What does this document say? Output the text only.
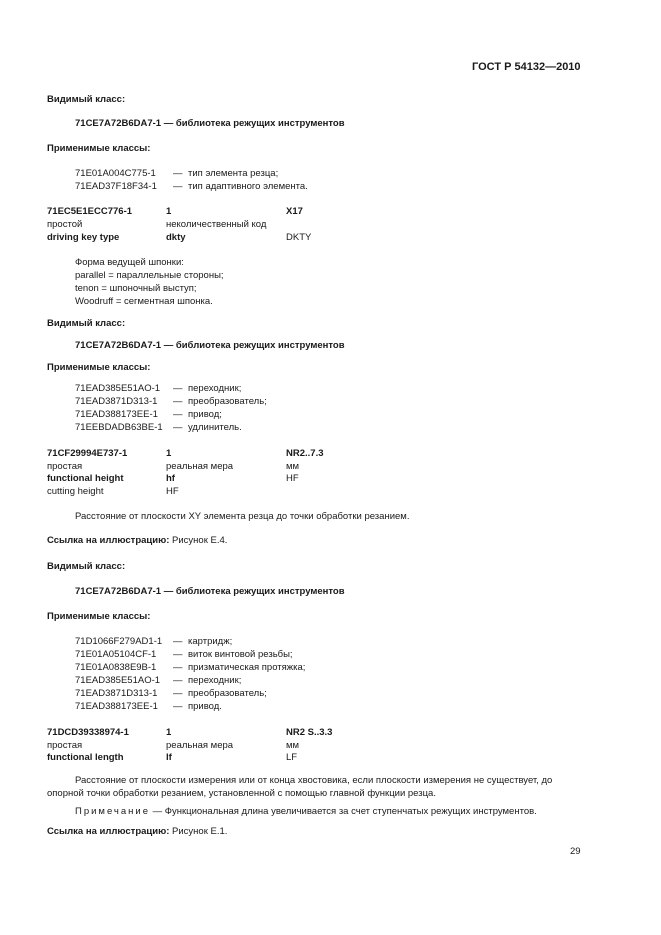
ГОСТ Р 54132—2010
Видимый класс:
71CE7A72B6DA7-1 — библиотека режущих инструментов
Применимые классы:
71E01A004C775-1 — тип элемента резца;
71EAD37F18F34-1 — тип адаптивного элемента.
71EC5E1ECC776-1	1	X17
простой	неколичественный код
driving key type	dkty	DKTY
Форма ведущей шпонки:
parallel = параллельные стороны;
tenon = шпоночный выступ;
Woodruff = сегментная шпонка.
Видимый класс:
71CE7A72B6DA7-1 — библиотека режущих инструментов
Применимые классы:
71EAD385E51AO-1 — переходник;
71EAD3871D313-1 — преобразователь;
71EAD388173EE-1 — привод;
71EEBDADB63BE-1 — удлинитель.
71CF29994E737-1	1	NR2..7.3
простая	реальная мера	мм
functional height	hf	HF
cutting height	HF
Расстояние от плоскости XY элемента резца до точки обработки резанием.
Ссылка на иллюстрацию: Рисунок Е.4.
Видимый класс:
71CE7A72B6DA7-1 — библиотека режущих инструментов
Применимые классы:
71D1066F279AD1-1 — картридж;
71E01A05104CF-1 — виток винтовой резьбы;
71E01A0838E9B-1 — призматическая протяжка;
71EAD385E51AO-1 — переходник;
71EAD3871D313-1 — преобразователь;
71EAD388173EE-1 — привод.
71DCD39338974-1	1	NR2 S..3.3
простая	реальная мера	мм
functional length	lf	LF
Расстояние от плоскости измерения или от конца хвостовика, если плоскости измерения не существует, до
опорной точки обработки резанием, установленной с помощью главной функции резца.
Примечание — Функциональная длина увеличивается за счет ступенчатых режущих инструментов.
Ссылка на иллюстрацию: Рисунок Е.1.
29
